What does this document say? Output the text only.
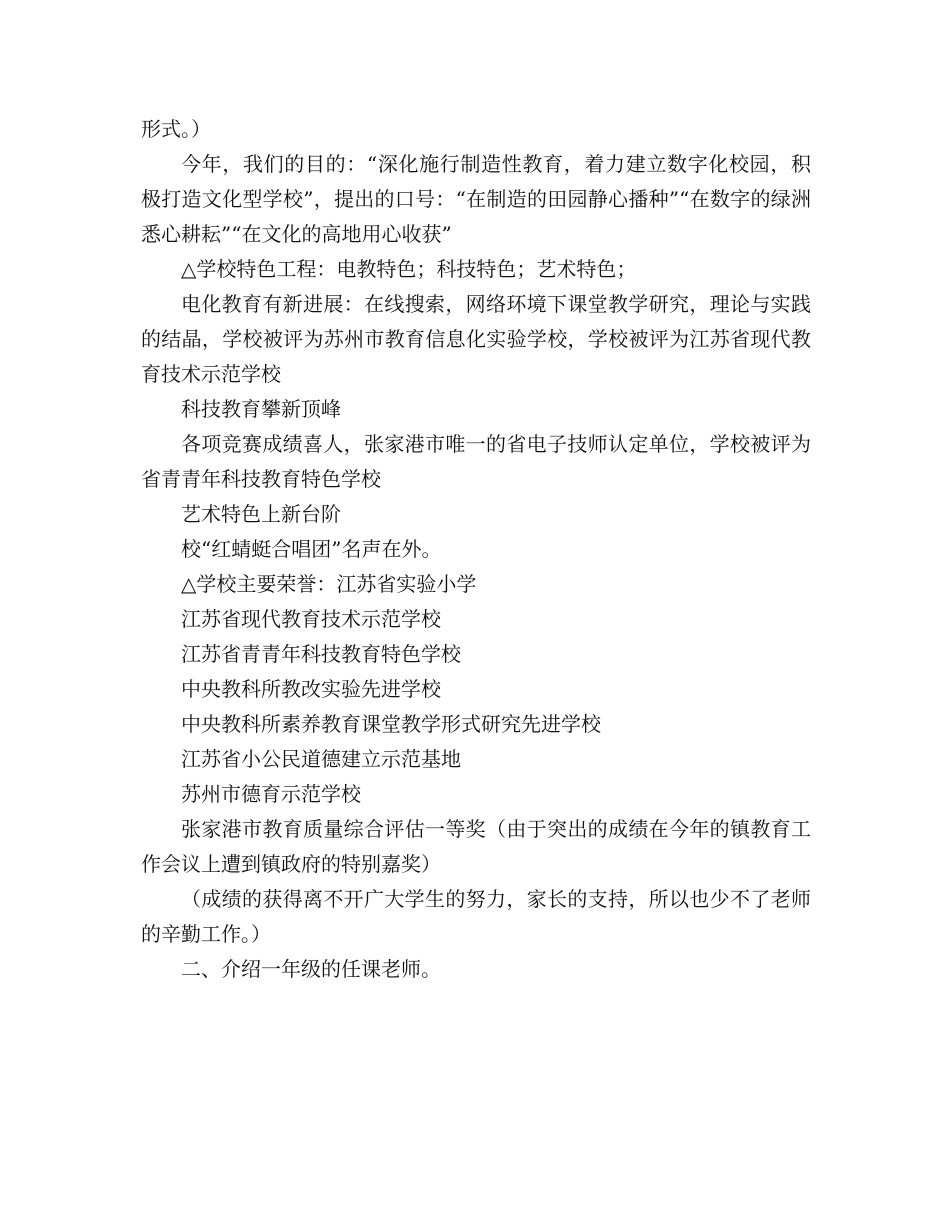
形式。）

今年，我们的目的：“深化施行制造性教育，着力建立数字化校园，积极打造文化型学校”，提出的口号：“在制造的田园静心播种”“在数字的绿洲悉心耕耘”“在文化的高地用心收获”

△学校特色工程：电教特色；科技特色；艺术特色；

电化教育有新进展：在线搜索，网络环境下课堂教学研究，理论与实践的结晶，学校被评为苏州市教育信息化实验学校，学校被评为江苏省现代教育技术示范学校

科技教育攀新顶峰

各项竞赛成绩喜人，张家港市唯一的省电子技师认定单位，学校被评为省青青年科技教育特色学校

艺术特色上新台阶

校“红蜻蜓合唱团”名声在外。

△学校主要荣誉：江苏省实验小学

江苏省现代教育技术示范学校

江苏省青青年科技教育特色学校

中央教科所教改实验先进学校

中央教科所素养教育课堂教学形式研究先进学校

江苏省小公民道德建立示范基地

苏州市德育示范学校

张家港市教育质量综合评估一等奖（由于突出的成绩在今年的镇教育工作会议上遭到镇政府的特别嘉奖）

（成绩的获得离不开广大学生的努力，家长的支持，所以也少不了老师的辛勤工作。）

二、介绍一年级的任课老师。
